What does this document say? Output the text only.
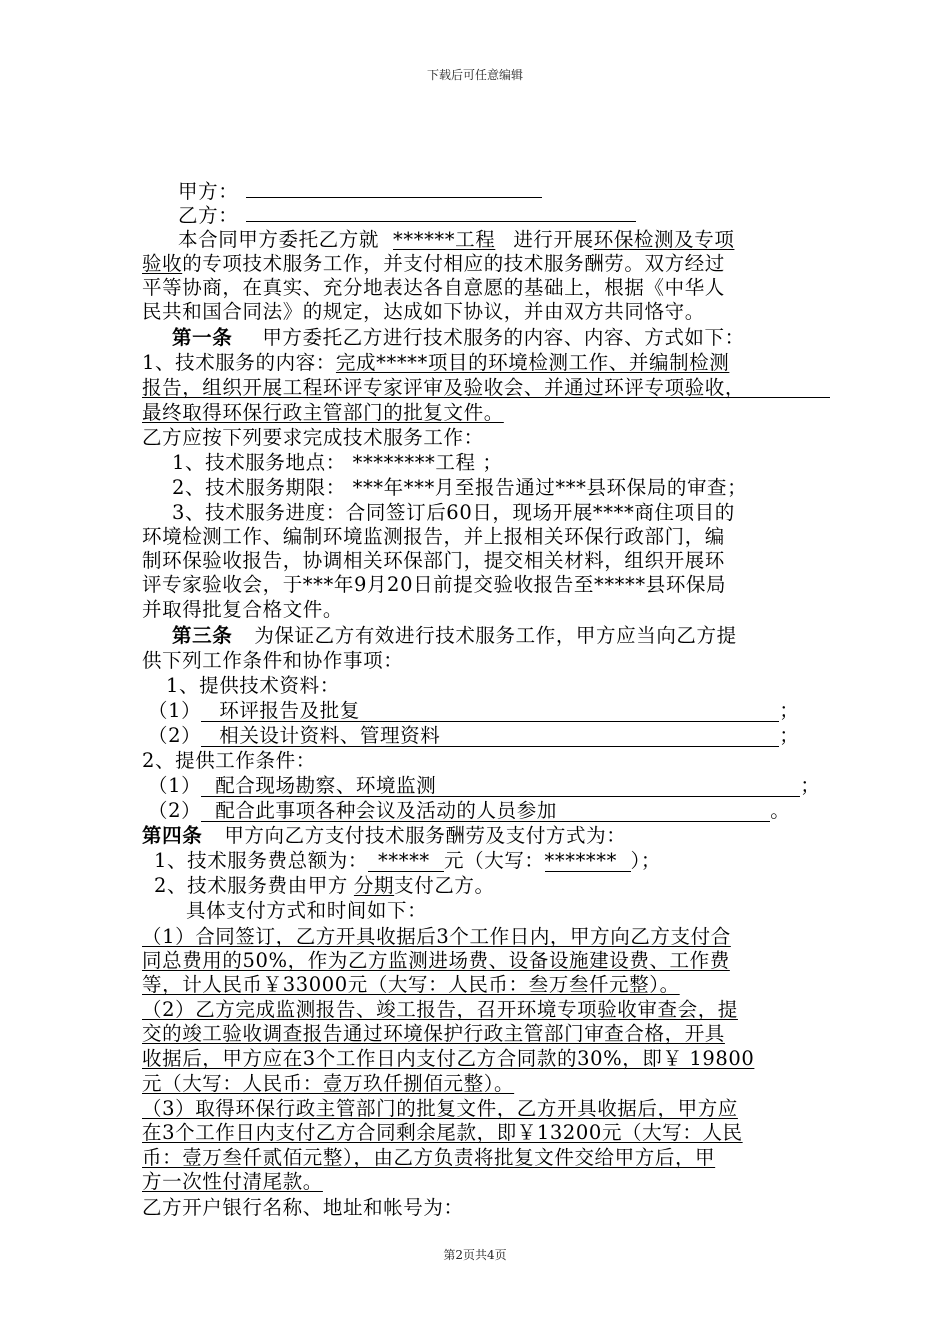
下载后可任意编辑
甲方：
乙方：
本合同甲方委托乙方就 ******工程 进行开展环保检测及专项
验收的专项技术服务工作，并支付相应的技术服务酬劳。双方经过
平等协商，在真实、充分地表达各自意愿的基础上，根据《中华人
民共和国合同法》的规定，达成如下协议，并由双方共同恪守。
第一条 甲方委托乙方进行技术服务的内容、内容、方式如下：
1、技术服务的内容：完成*****项目的环境检测工作、并编制检测
报告，组织开展工程环评专家评审及验收会、并通过环评专项验收，
最终取得环保行政主管部门的批复文件。
乙方应按下列要求完成技术服务工作：
1、技术服务地点： ********工程 ；
2、技术服务期限： ***年***月至报告通过***县环保局的审查；
3、技术服务进度：合同签订后60日，现场开展****商住项目的
环境检测工作、编制环境监测报告，并上报相关环保行政部门，编
制环保验收报告，协调相关环保部门，提交相关材料，组织开展环
评专家验收会，于***年9月20日前提交验收报告至*****县环保局
并取得批复合格文件。
第三条 为保证乙方有效进行技术服务工作，甲方应当向乙方提
供下列工作条件和协作事项：
1、提供技术资料：
（1） 环评报告及批复	；
（2） 相关设计资料、管理资料	；
2、提供工作条件：
（1） 配合现场勘察、环境监测	；
（2） 配合此事项各种会议及活动的人员参加	。
第四条 甲方向乙方支付技术服务酬劳及支付方式为：
1、技术服务费总额为： ***** 元（大写：******* ）；
2、技术服务费由甲方 分期支付乙方。
具体支付方式和时间如下：
（1）合同签订，乙方开具收据后3个工作日内，甲方向乙方支付合
同总费用的50%，作为乙方监测进场费、设备设施建设费、工作费
等，计人民币￥33000元（大写：人民币：叁万叁仟元整）。
（2）乙方完成监测报告、竣工报告，召开环境专项验收审查会，提
交的竣工验收调查报告通过环境保护行政主管部门审查合格，开具
收据后，甲方应在3个工作日内支付乙方合同款的30%，即￥ 19800
元（大写：人民币：壹万玖仟捌佰元整）。
（3）取得环保行政主管部门的批复文件，乙方开具收据后，甲方应
在3个工作日内支付乙方合同剩余尾款，即￥13200元（大写：人民
币：壹万叁仟贰佰元整），由乙方负责将批复文件交给甲方后，甲
方一次性付清尾款。
乙方开户银行名称、地址和帐号为：
第2页共4页
